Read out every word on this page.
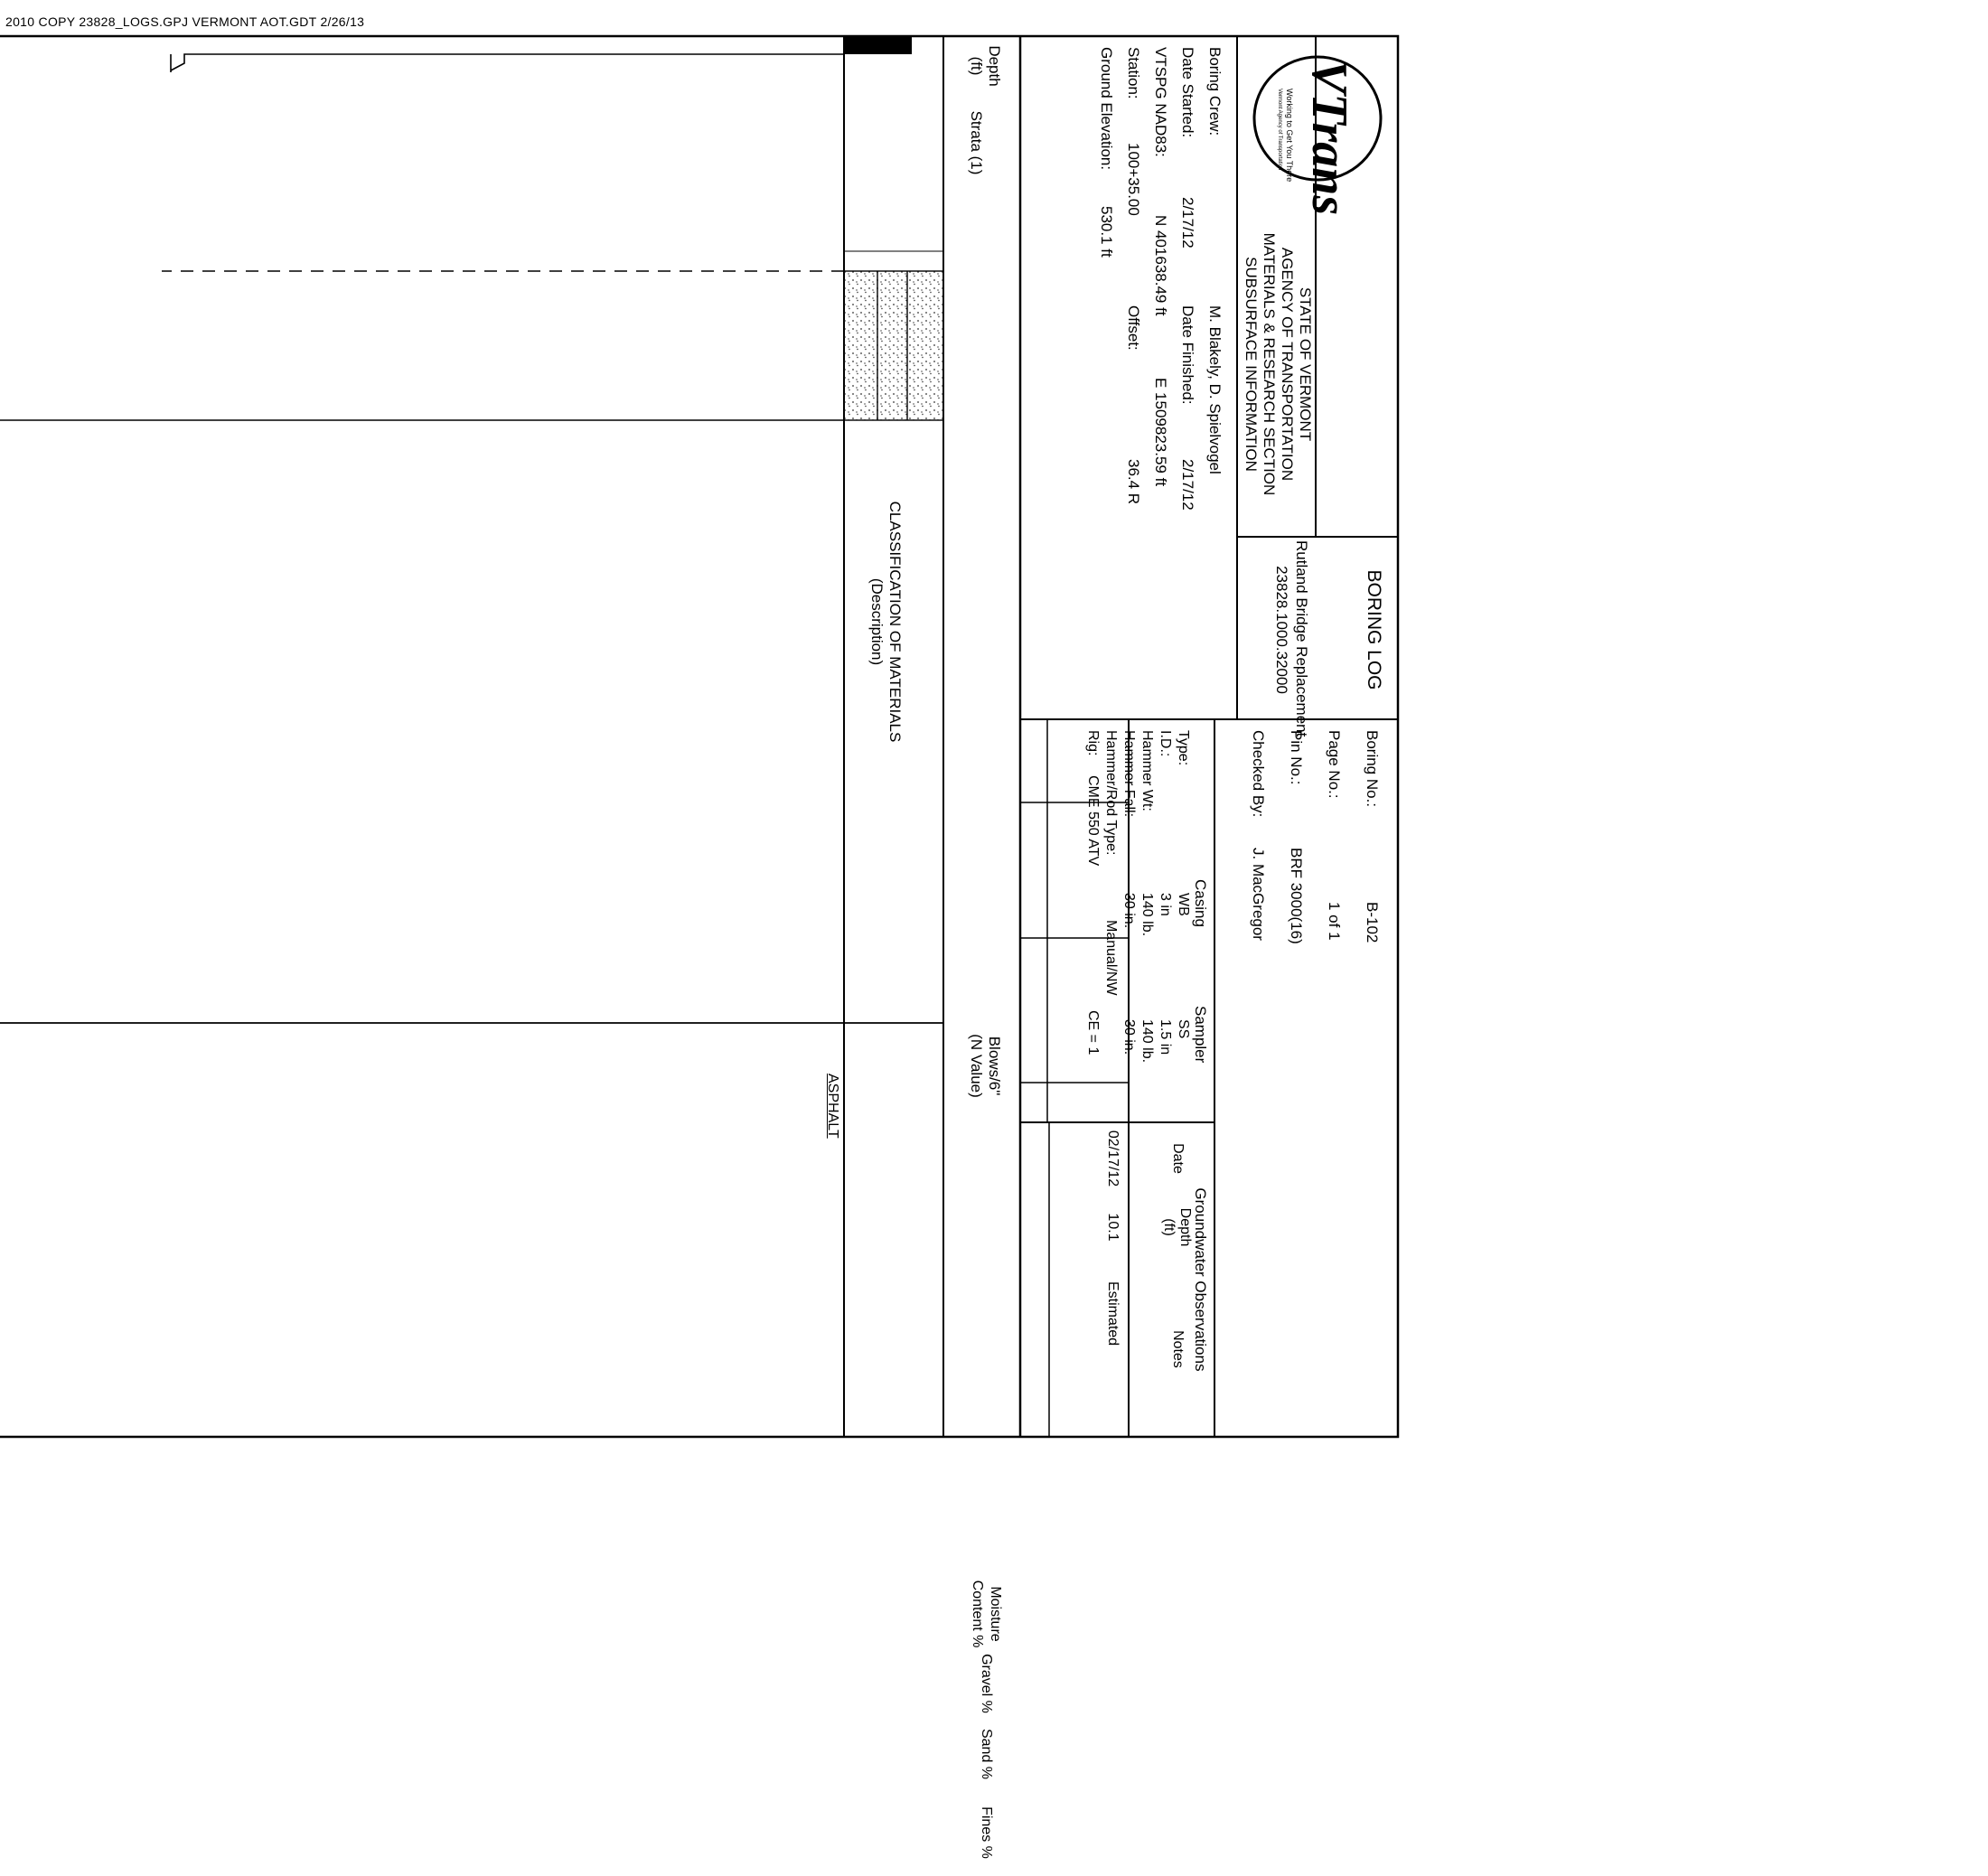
2010 COPY 23828_LOGS.GPJ VERMONT AOT.GDT 2/26/13
VTrans
Working to Get You There
Vermont Agency of Transportation
STATE OF VERMONT
AGENCY OF TRANSPORTATION
MATERIALS & RESEARCH SECTION
SUBSURFACE INFORMATION
BORING LOG
Rutland Bridge Replacement
23828.1000.32000
Boring No.:
B-102
Page No.:
1 of 1
Pin No.:
BRF 3000(16)
Checked By:
J. MacGregor
Boring Crew:
M. Blakely, D. Spielvogel
Date Started:
2/17/12
Date Finished:
2/17/12
VTSPG NAD83:
N 401638.49 ft
E 1509823.59 ft
Station:
100+35.00
Offset:
36.4 R
Ground Elevation:
530.1 ft
Casing
Sampler
Type:
WB
SS
I.D.:
3 in
1.5 in
Hammer Wt:
140 lb.
140 lb.
Hammer Fall:
30 in.
30 in.
Hammer/Rod Type:
Manual/NW
Rig:
CME 550 ATV
CE = 1
Groundwater Observations
Date
Depth
(ft)
Notes
02/17/12
10.1
Estimated
Depth
(ft)
Strata (1)
CLASSIFICATION OF MATERIALS
(Description)
Blows/6"
(N Value)
Moisture
Content %
Gravel %
Sand %
Fines %
ASPHALT
